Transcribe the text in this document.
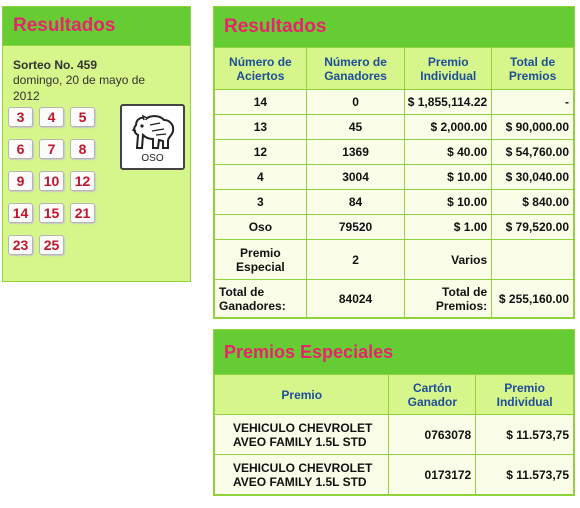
Resultados
Sorteo No. 459
domingo, 20 de mayo de 2012
3	4	5
6	7	8
9	10	12
14	15	21
23	25
OSO
Resultados
Número de Aciertos	Número de Ganadores	Premio Individual	Total de Premios
14	0	$ 1,855,114.22	-
13	45	$ 2,000.00	$ 90,000.00
12	1369	$ 40.00	$ 54,760.00
4	3004	$ 10.00	$ 30,040.00
3	84	$ 10.00	$ 840.00
Oso	79520	$ 1.00	$ 79,520.00
Premio Especial	2	Varios	
Total de Ganadores:	84024	Total de Premios:	$ 255,160.00
Premios Especiales
Premio	Cartón Ganador	Premio Individual
VEHICULO CHEVROLET AVEO FAMILY 1.5L STD	0763078	$ 11.573,75
VEHICULO CHEVROLET AVEO FAMILY 1.5L STD	0173172	$ 11.573,75
